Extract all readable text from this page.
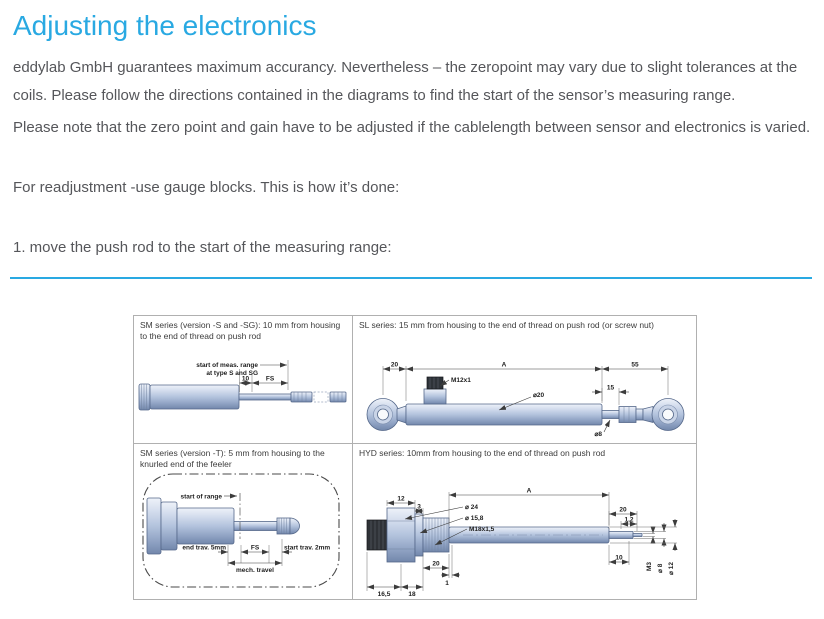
Adjusting the electronics

eddylab GmbH guarantees maximum accurancy. Nevertheless – the zeropoint may vary due to slight tolerances at the coils. Please follow the directions contained in the diagrams to find the start of the sensor’s measuring range.

Please note that the zero point and gain have to be adjusted if the cablelength between sensor and electronics is varied.

For readjustment -use gauge blocks. This is how it’s done:

1. move the push rod to the start of the measuring range:

SM series (version -S and -SG): 10 mm from housing to the end of thread on push rod
start of meas. range
at type S and SG
10	FS
SL series: 15 mm from housing to the end of thread on push rod (or screw nut)
20	A	55
M12x1
15
⌀20
⌀8
SM series (version -T): 5 mm from housing to the knurled end of the feeler
start of range
end trav. 5mm	FS	start trav. 2mm
mech. travel
HYD series: 10mm from housing to the end of thread on push rod
A
12
3	⌀ 24
⌀ 15,8
M18x1,5
20
1,2
10
M3 ⌀ 8 ⌀ 12
20
1
16,5	18
